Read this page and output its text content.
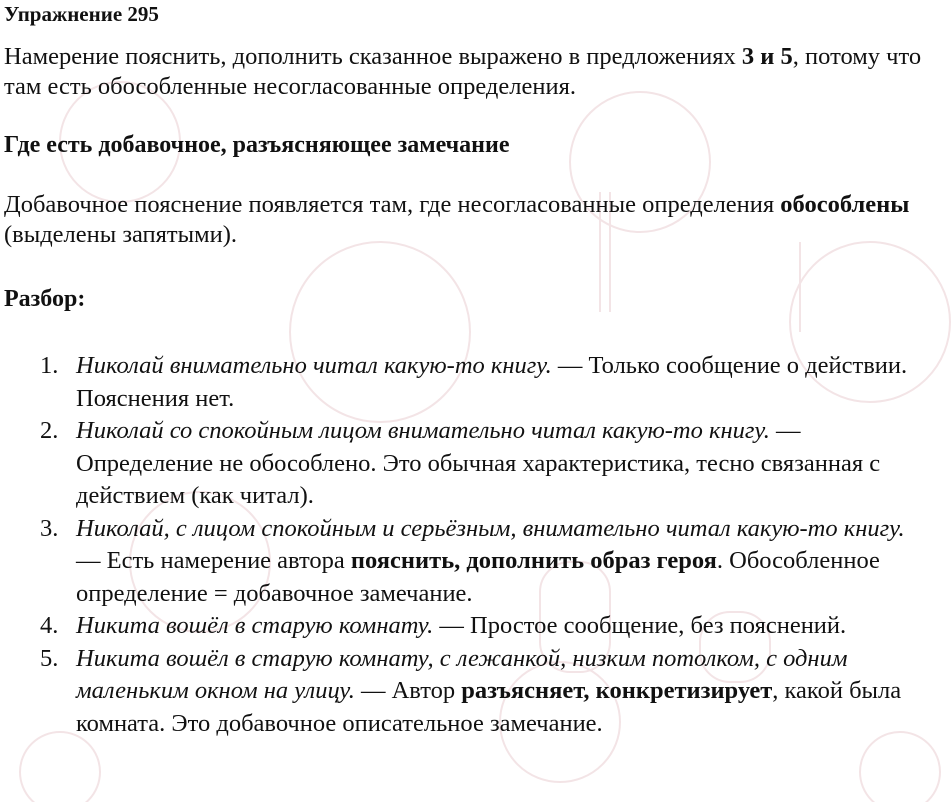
Упражнение 295

Намерение пояснить, дополнить сказанное выражено в предложениях 3 и 5, потому что там есть обособленные несогласованные определения.

Где есть добавочное, разъясняющее замечание

Добавочное пояснение появляется там, где несогласованные определения обособлены (выделены запятыми).

Разбор:
1. Николай внимательно читал какую-то книгу. — Только сообщение о действии. Пояснения нет.
2. Николай со спокойным лицом внимательно читал какую-то книгу. — Определение не обособлено. Это обычная характеристика, тесно связанная с действием (как читал).
3. Николай, с лицом спокойным и серьёзным, внимательно читал какую-то книгу. — Есть намерение автора пояснить, дополнить образ героя. Обособленное определение = добавочное замечание.
4. Никита вошёл в старую комнату. — Простое сообщение, без пояснений.
5. Никита вошёл в старую комнату, с лежанкой, низким потолком, с одним маленьким окном на улицу. — Автор разъясняет, конкретизирует, какой была комната. Это добавочное описательное замечание.
